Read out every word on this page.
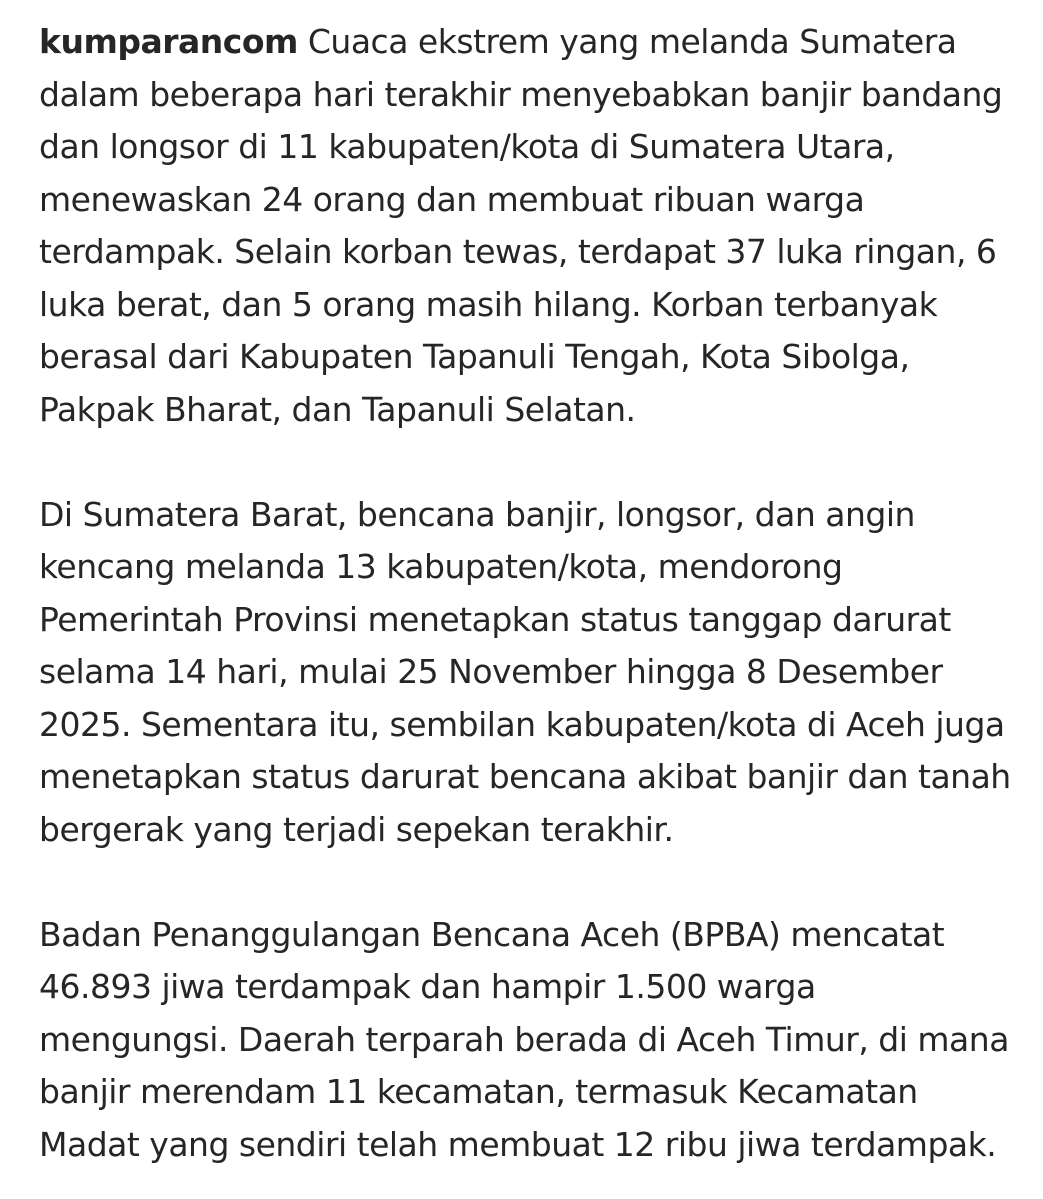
kumparancom Cuaca ekstrem yang melanda Sumatera dalam beberapa hari terakhir menyebabkan banjir bandang dan longsor di 11 kabupaten/kota di Sumatera Utara, menewaskan 24 orang dan membuat ribuan warga terdampak. Selain korban tewas, terdapat 37 luka ringan, 6 luka berat, dan 5 orang masih hilang. Korban terbanyak berasal dari Kabupaten Tapanuli Tengah, Kota Sibolga, Pakpak Bharat, dan Tapanuli Selatan.

Di Sumatera Barat, bencana banjir, longsor, dan angin kencang melanda 13 kabupaten/kota, mendorong Pemerintah Provinsi menetapkan status tanggap darurat selama 14 hari, mulai 25 November hingga 8 Desember 2025. Sementara itu, sembilan kabupaten/kota di Aceh juga menetapkan status darurat bencana akibat banjir dan tanah bergerak yang terjadi sepekan terakhir.

Badan Penanggulangan Bencana Aceh (BPBA) mencatat 46.893 jiwa terdampak dan hampir 1.500 warga mengungsi. Daerah terparah berada di Aceh Timur, di mana banjir merendam 11 kecamatan, termasuk Kecamatan Madat yang sendiri telah membuat 12 ribu jiwa terdampak.
